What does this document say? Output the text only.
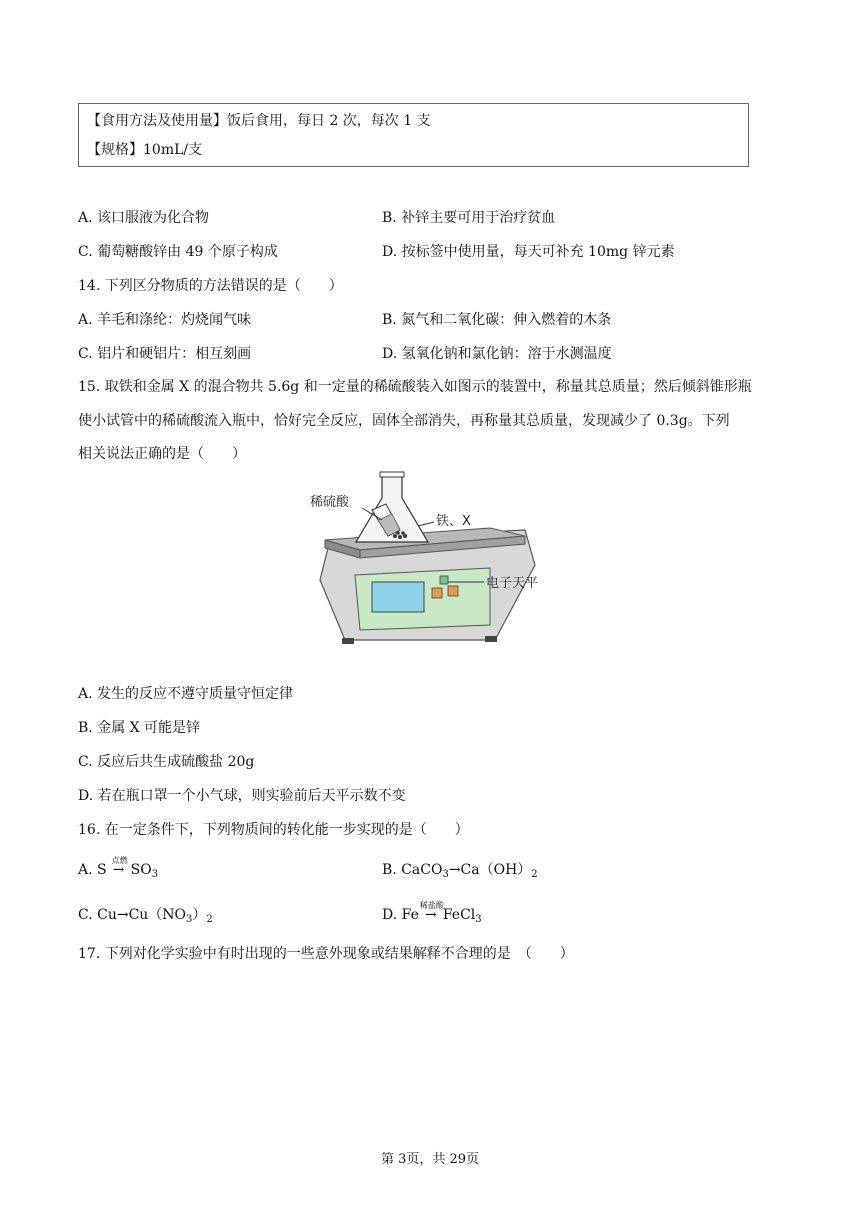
【食用方法及使用量】饭后食用，每日 2 次，每次 1 支
【规格】10mL/支
A. 该口服液为化合物	B. 补锌主要可用于治疗贫血
C. 葡萄糖酸锌由 49 个原子构成	D. 按标签中使用量，每天可补充 10mg 锌元素
14. 下列区分物质的方法错误的是（　　）
A. 羊毛和涤纶：灼烧闻气味	B. 氮气和二氧化碳：伸入燃着的木条
C. 铝片和硬铝片：相互刻画	D. 氢氧化钠和氯化钠：溶于水测温度
15. 取铁和金属 X 的混合物共 5.6g 和一定量的稀硫酸装入如图示的装置中，称量其总质量；然后倾斜锥形瓶
使小试管中的稀硫酸流入瓶中，恰好完全反应，固体全部消失，再称量其总质量，发现减少了 0.3g。下列
相关说法正确的是（　　）
稀硫酸
铁、X
电子天平
A. 发生的反应不遵守质量守恒定律
B. 金属 X 可能是锌
C. 反应后共生成硫酸盐 20g
D. 若在瓶口罩一个小气球，则实验前后天平示数不变
16. 在一定条件下，下列物质间的转化能一步实现的是（　　）
A. S
点燃
→ $SO_3$	B. $CaCO_3\to Ca(OH)_2$
C. $Cu\to Cu(NO_3)_2$	D. Fe
稀盐酸
→ FeCl$_3$
17. 下列对化学实验中有时出现的一些意外现象或结果解释不合理的是　（　　）
第 3页，共 29页
